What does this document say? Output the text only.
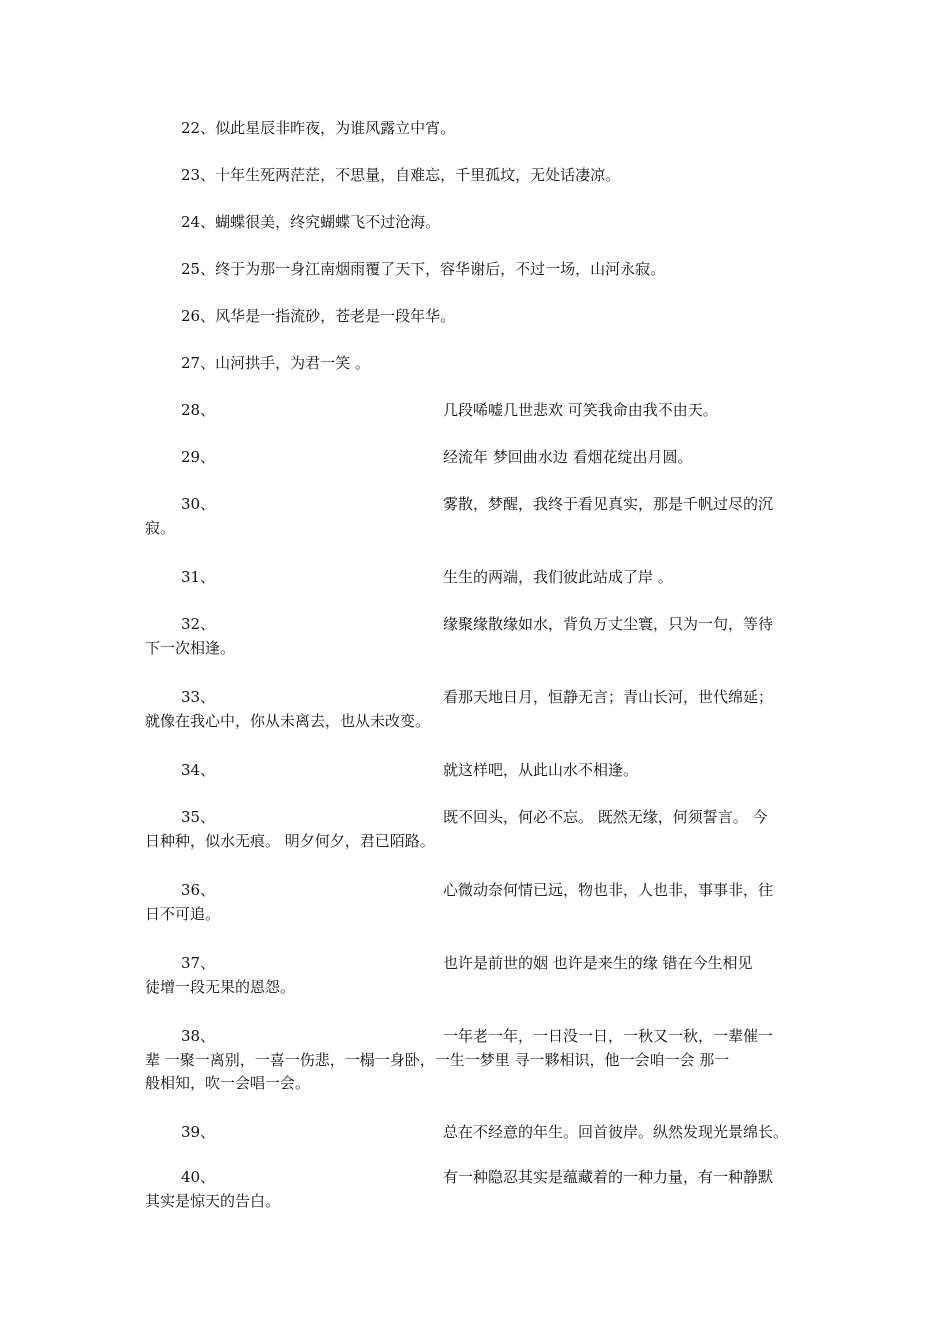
22、似此星辰非昨夜，为谁风露立中宵。
23、十年生死两茫茫，不思量，自难忘，千里孤坟，无处话凄凉。
24、蝴蝶很美，终究蝴蝶飞不过沧海。
25、终于为那一身江南烟雨覆了天下，容华谢后，不过一场，山河永寂。
26、风华是一指流砂，苍老是一段年华。
27、山河拱手，为君一笑 。
28、	几段唏嘘几世悲欢 可笑我命由我不由天。
29、	经流年 梦回曲水边 看烟花绽出月圆。
30、	雾散，梦醒，我终于看见真实，那是千帆过尽的沉
寂。
31、	生生的两端，我们彼此站成了岸 。
32、	缘聚缘散缘如水，背负万丈尘寰，只为一句，等待
下一次相逢。
33、	看那天地日月，恒静无言；青山长河，世代绵延；
就像在我心中，你从未离去，也从未改变。
34、	就这样吧，从此山水不相逢。
35、	既不回头，何必不忘。 既然无缘，何须誓言。 今
日种种，似水无痕。 明夕何夕，君已陌路。
36、	心微动奈何情已远，物也非，人也非，事事非，往
日不可追。
37、	也许是前世的姻 也许是来生的缘 错在今生相见
徒增一段无果的恩怨。
38、	一年老一年，一日没一日，一秋又一秋，一辈催一
辈 一聚一离别，一喜一伤悲，一榻一身卧，一生一梦里 寻一夥相识，他一会咱一会 那一
般相知，吹一会唱一会。
39、	总在不经意的年生。回首彼岸。纵然发现光景绵长。
40、	有一种隐忍其实是蕴藏着的一种力量，有一种静默
其实是惊天的告白。
